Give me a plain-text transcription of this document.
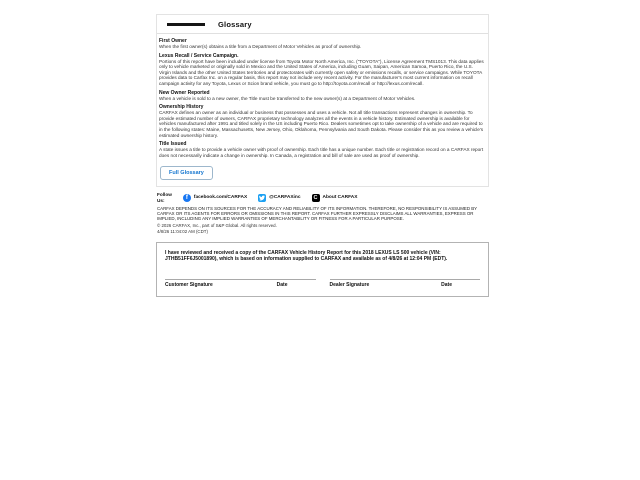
Glossary
First Owner

When the first owner(s) obtains a title from a Department of Motor Vehicles as proof of ownership.

Lexus Recall / Service Campaign.

Portions of this report have been included under license from Toyota Motor North America, Inc. ("TOYOTA"), License Agreement TMS1013. This data applies only to vehicle marketed or originally sold in Mexico and the United States of America, including Guam, Saipan, American Samoa, Puerto Rico, the U.S. Virgin Islands and the other United States territories and protectorates with currently open safety or emissions recalls, or service campaigns. While TOYOTA provides data to Carfax Inc. on a regular basis, this report may not include very recent activity. For the manufacturer's most current information on recall campaign activity for any Toyota, Lexus or Scion brand vehicle, you must go to http://toyota.com/recall or http://lexus.com/recall.

New Owner Reported

When a vehicle is sold to a new owner, the Title must be transferred to the new owner(s) at a Department of Motor Vehicles.

Ownership History

CARFAX defines an owner as an individual or business that possesses and uses a vehicle. Not all title transactions represent changes in ownership. To provide estimated number of owners, CARFAX proprietary technology analyzes all the events in a vehicle history. Estimated ownership is available for vehicles manufactured after 1991 and titled solely in the US including Puerto Rico. Dealers sometimes opt to take ownership of a vehicle and are required to in the following states: Maine, Massachusetts, New Jersey, Ohio, Oklahoma, Pennsylvania and South Dakota. Please consider this as you review a vehicle's estimated ownership history.

Title Issued

A state issues a title to provide a vehicle owner with proof of ownership. Each title has a unique number. Each title or registration record on a CARFAX report does not necessarily indicate a change in ownership. In Canada, a registration and bill of sale are used as proof of ownership.

Full Glossary
Follow
Us:	f	facebook.com/CARFAX	@CARFAXinc	C	About CARFAX

CARFAX DEPENDS ON ITS SOURCES FOR THE ACCURACY AND RELIABILITY OF ITS INFORMATION. THEREFORE, NO RESPONSIBILITY IS ASSUMED BY CARFAX OR ITS AGENTS FOR ERRORS OR OMISSIONS IN THIS REPORT. CARFAX FURTHER EXPRESSLY DISCLAIMS ALL WARRANTIES, EXPRESS OR IMPLIED, INCLUDING ANY IMPLIED WARRANTIES OF MERCHANTABILITY OR FITNESS FOR A PARTICULAR PURPOSE.

© 2026 CARFAX, Inc., part of S&P Global. All rights reserved.
4/8/26 11:04:02 AM (CDT)

I have reviewed and received a copy of the CARFAX Vehicle History Report for this 2018 LEXUS LS 500 vehicle (VIN: JTHB51FF6J5001890), which is based on information supplied to CARFAX and available as of 4/8/26 at 12:04 PM (EDT).

Customer Signature	Date	Dealer Signature	Date
